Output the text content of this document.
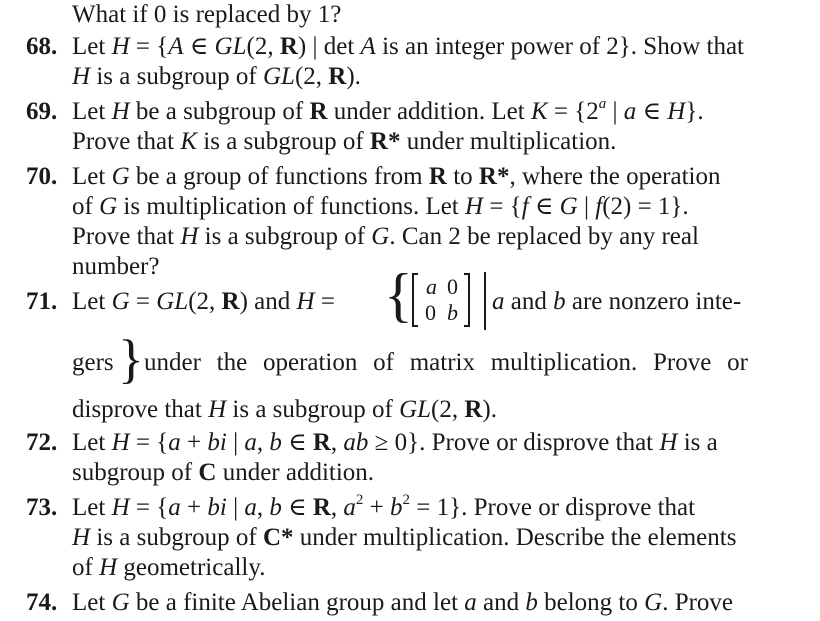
What if 0 is replaced by 1?
68. Let H = {A ∈ GL(2, R) | det A is an integer power of 2}. Show that
H is a subgroup of GL(2, R).
69. Let H be a subgroup of R under addition. Let $K = \{2^a$ | a ∈ H}.
Prove that K is a subgroup of R* under multiplication.
70. Let G be a group of functions from R to R*, where the operation
of G is multiplication of functions. Let H = {f ∈ G | f(2) = 1}.
Prove that H is a subgroup of G. Can 2 be replaced by any real
number?
71. Let G = GL(2, R) and H = { a 0
0 b a and b are nonzero inte-
gers } under the operation of matrix multiplication. Prove or
disprove that H is a subgroup of GL(2, R).
72. Let H = {a + bi | a, b ∈ R, ab ≥ 0}. Prove or disprove that H is a
subgroup of C under addition.
73. Let H = {a + bi | a, b ∈ R, $a^2 + b^2 = 1$}. Prove or disprove that
H is a subgroup of C* under multiplication. Describe the elements
of H geometrically.
74. Let G be a finite Abelian group and let a and b belong to G. Prove
